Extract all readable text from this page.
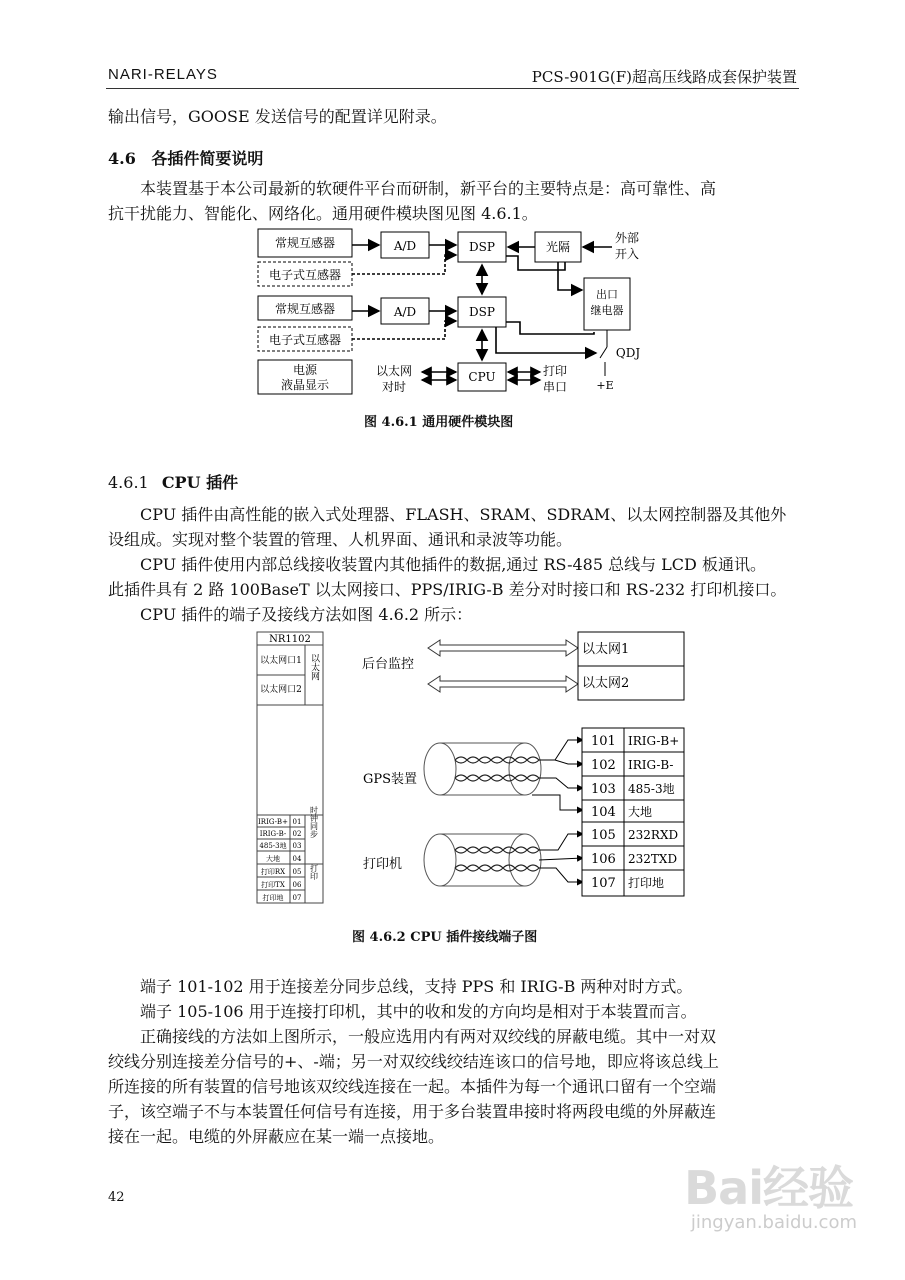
NARI-RELAYS	PCS-901G(F)超高压线路成套保护装置
输出信号，GOOSE 发送信号的配置详见附录。
4.6 各插件简要说明
本装置基于本公司最新的软硬件平台而研制，新平台的主要特点是：高可靠性、高
抗干扰能力、智能化、网络化。通用硬件模块图见图 4.6.1。
常规互感器
电子式互感器
常规互感器
电子式互感器
电源
液晶显示
A/D
A/D
DSP
DSP
CPU
光隔
出口
继电器
外部
开入
以太网
对时
打印
串口
QDJ
+E
图 4.6.1 通用硬件模块图
4.6.1 CPU 插件
CPU 插件由高性能的嵌入式处理器、FLASH、SRAM、SDRAM、以太网控制器及其他外
设组成。实现对整个装置的管理、人机界面、通讯和录波等功能。
CPU 插件使用内部总线接收装置内其他插件的数据,通过 RS-485 总线与 LCD 板通讯。
此插件具有 2 路 100BaseT 以太网接口、PPS/IRIG-B 差分对时接口和 RS-232 打印机接口。
CPU 插件的端子及接线方法如图 4.6.2 所示：
NR1102
以太网口1
以太网口2
以太网
IRIG-B+ 01
IRIG-B- 02
485-3地 03
大地 04
打印RX 05
打印TX 06
打印地 07
时钟同步
打印
后台监控
以太网1
以太网2
GPS装置
打印机
101 IRIG-B+
102 IRIG-B-
103 485-3地
104 大地
105 232RXD
106 232TXD
107 打印地
图 4.6.2 CPU 插件接线端子图
端子 101-102 用于连接差分同步总线，支持 PPS 和 IRIG-B 两种对时方式。
端子 105-106 用于连接打印机，其中的收和发的方向均是相对于本装置而言。
正确接线的方法如上图所示，一般应选用内有两对双绞线的屏蔽电缆。其中一对双
绞线分别连接差分信号的+、-端；另一对双绞线绞结连该口的信号地，即应将该总线上
所连接的所有装置的信号地该双绞线连接在一起。本插件为每一个通讯口留有一个空端
子，该空端子不与本装置任何信号有连接，用于多台装置串接时将两段电缆的外屏蔽连
接在一起。电缆的外屏蔽应在某一端一点接地。
42	Bai经验
jingyan.baidu.com
